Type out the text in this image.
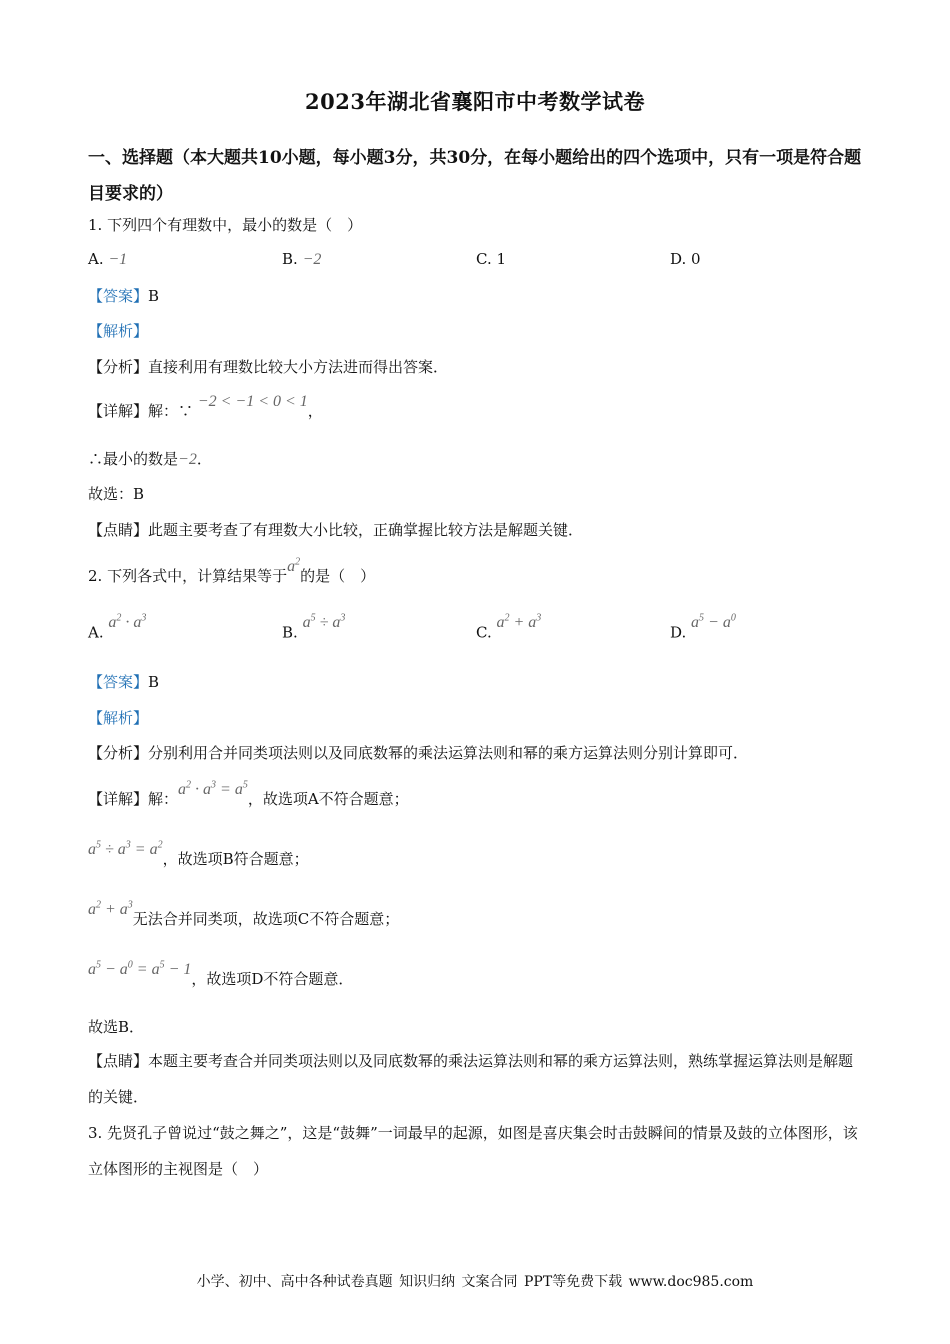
2023年湖北省襄阳市中考数学试卷
一、选择题（本大题共10小题，每小题3分，共30分，在每小题给出的四个选项中，只有一项是符合题目要求的）
1. 下列四个有理数中，最小的数是（　）
A. −1	B. −2	C. 1	D. 0
【答案】B
【解析】
【分析】直接利用有理数比较大小方法进而得出答案．
【详解】解：∵ −2 < −1 < 0 < 1，
∴最小的数是−2．
故选：B
【点睛】此题主要考查了有理数大小比较，正确掌握比较方法是解题关键．
2. 下列各式中，计算结果等于$a^2$的是（　）
A. $a^2 \cdot a^3$
B. $a^5 \div a^3$
C. $a^2 + a^3$
D. $a^5 - a^0$
【答案】B
【解析】
【分析】分别利用合并同类项法则以及同底数幂的乘法运算法则和幂的乘方运算法则分别计算即可．
【详解】解：$a^2 \cdot a^3 = a^5$，故选项A不符合题意；
$a^5 \div a^3 = a^2$，故选项B符合题意；
$a^2 + a^3$无法合并同类项，故选项C不符合题意；
$a^5 - a^0 = a^5 - 1$，故选项D不符合题意．
故选B．
【点睛】本题主要考查合并同类项法则以及同底数幂的乘法运算法则和幂的乘方运算法则，熟练掌握运算法则是解题的关键．
3. 先贤孔子曾说过“鼓之舞之”，这是“鼓舞”一词最早的起源，如图是喜庆集会时击鼓瞬间的情景及鼓的立体图形，该立体图形的主视图是（　）
小学、初中、高中各种试卷真题 知识归纳 文案合同 PPT等免费下载 www.doc985.com
